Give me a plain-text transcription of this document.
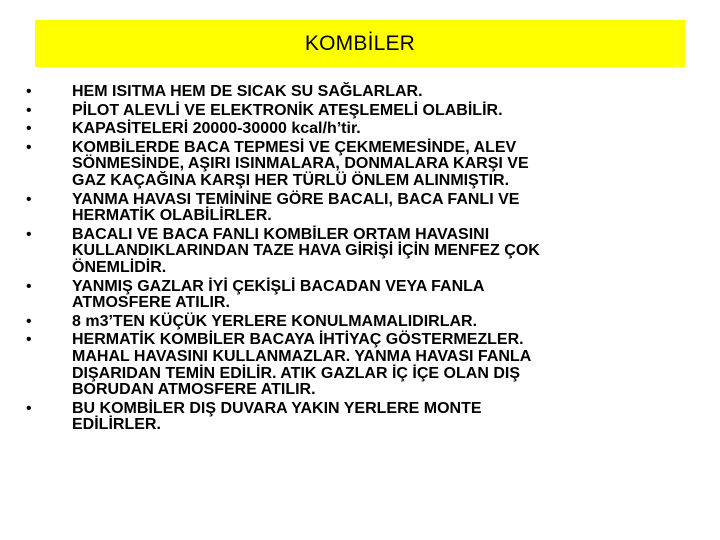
KOMBİLER
•	HEM ISITMA HEM DE SICAK SU SAĞLARLAR.
•	PİLOT ALEVLİ VE ELEKTRONİK ATEŞLEMELİ OLABİLİR.
•	KAPASİTELERİ 20000-30000 kcal/h’tir.
•	KOMBİLERDE BACA TEPMESİ VE ÇEKMEMESİNDE, ALEV
SÖNMESİNDE, AŞIRI ISINMALARA, DONMALARA KARŞI VE
GAZ KAÇAĞINA KARŞI HER TÜRLÜ ÖNLEM ALINMIŞTIR.
•	YANMA HAVASI TEMİNİNE GÖRE BACALI, BACA FANLI VE
HERMATİK OLABİLİRLER.
•	BACALI VE BACA FANLI KOMBİLER ORTAM HAVASINI
KULLANDIKLARINDAN TAZE HAVA GİRİŞİ İÇİN MENFEZ ÇOK
ÖNEMLİDİR.
•	YANMIŞ GAZLAR İYİ ÇEKİŞLİ BACADAN VEYA FANLA
ATMOSFERE ATILIR.
•	8 m3’TEN KÜÇÜK YERLERE KONULMAMALIDIRLAR.
•	HERMATİK KOMBİLER BACAYA İHTİYAÇ GÖSTERMEZLER.
MAHAL HAVASINI KULLANMAZLAR. YANMA HAVASI FANLA
DIŞARIDAN TEMİN EDİLİR. ATIK GAZLAR İÇ İÇE OLAN DIŞ
BORUDAN ATMOSFERE ATILIR.
•	BU KOMBİLER DIŞ DUVARA YAKIN YERLERE MONTE
EDİLİRLER.
